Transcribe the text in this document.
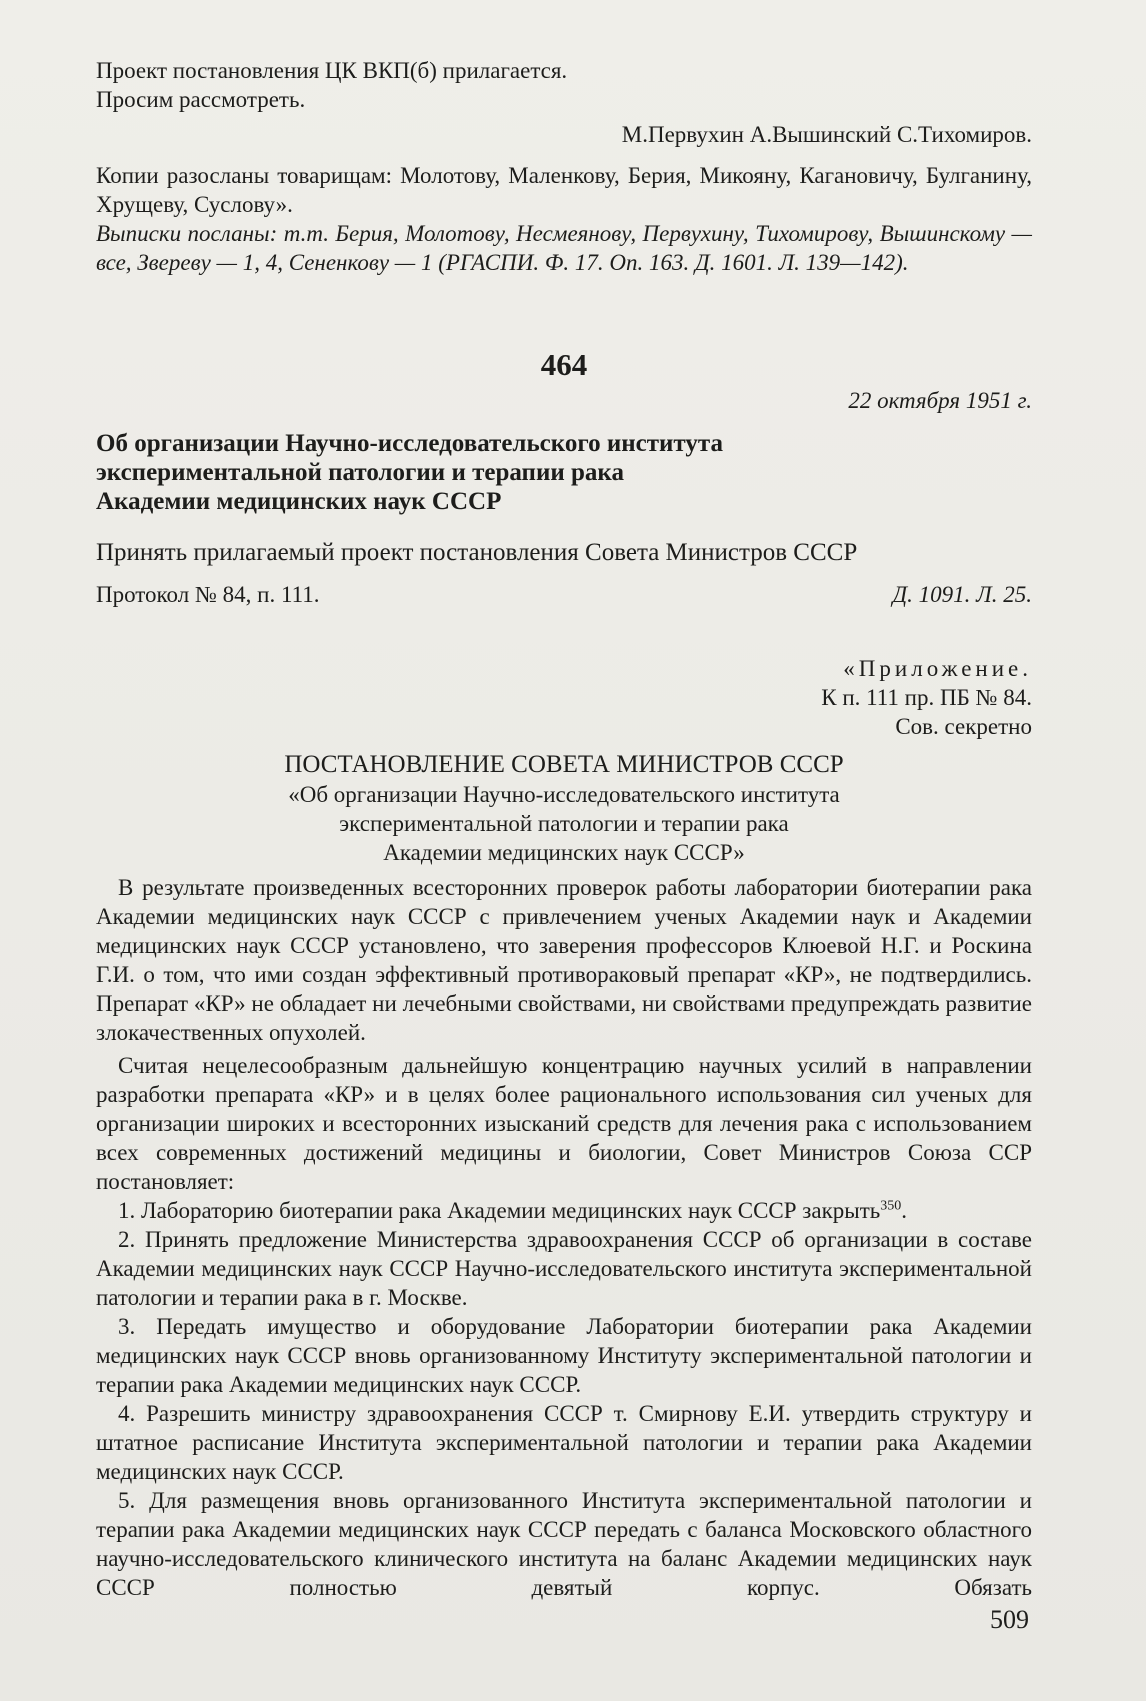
Проект постановления ЦК ВКП(б) прилагается.

Просим рассмотреть.

М.Первухин А.Вышинский С.Тихомиров.

Копии разосланы товарищам: Молотову, Маленкову, Берия, Микояну, Кагановичу, Булганину, Хрущеву, Суслову».

Выписки посланы: т.т. Берия, Молотову, Несмеянову, Первухину, Тихомирову, Вышинскому — все, Звереву — 1, 4, Сененкову — 1 (РГАСПИ. Ф. 17. Оп. 163. Д. 1601. Л. 139—142).

464

22 октября 1951 г.

Об организации Научно-исследовательского института

экспериментальной патологии и терапии рака

Академии медицинских наук СССР

Принять прилагаемый проект постановления Совета Министров СССР

Протокол № 84, п. 111.	Д. 1091. Л. 25.

«Приложение.

К п. 111 пр. ПБ № 84.

Сов. секретно

ПОСТАНОВЛЕНИЕ СОВЕТА МИНИСТРОВ СССР

«Об организации Научно-исследовательского института

экспериментальной патологии и терапии рака

Академии медицинских наук СССР»

В результате произведенных всесторонних проверок работы лаборатории биотерапии рака Академии медицинских наук СССР с привлечением ученых Академии наук и Академии медицинских наук СССР установлено, что заверения профессоров Клюевой Н.Г. и Роскина Г.И. о том, что ими создан эффективный противораковый препарат «КР», не подтвердились. Препарат «КР» не обладает ни лечебными свойствами, ни свойствами предупреждать развитие злокачественных опухолей.

Считая нецелесообразным дальнейшую концентрацию научных усилий в направлении разработки препарата «КР» и в целях более рационального использования сил ученых для организации широких и всесторонних изысканий средств для лечения рака с использованием всех современных достижений медицины и биологии, Совет Министров Союза ССР постановляет:

1. Лабораторию биотерапии рака Академии медицинских наук СССР закрыть$^{350}$.

2. Принять предложение Министерства здравоохранения СССР об организации в составе Академии медицинских наук СССР Научно-исследовательского института экспериментальной патологии и терапии рака в г. Москве.

3. Передать имущество и оборудование Лаборатории биотерапии рака Академии медицинских наук СССР вновь организованному Институту экспериментальной патологии и терапии рака Академии медицинских наук СССР.

4. Разрешить министру здравоохранения СССР т. Смирнову Е.И. утвердить структуру и штатное расписание Института экспериментальной патологии и терапии рака Академии медицинских наук СССР.

5. Для размещения вновь организованного Института экспериментальной патологии и терапии рака Академии медицинских наук СССР передать с баланса Московского областного научно-исследовательского клинического института на баланс Академии медицинских наук СССР полностью девятый корпус. Обязать

509
